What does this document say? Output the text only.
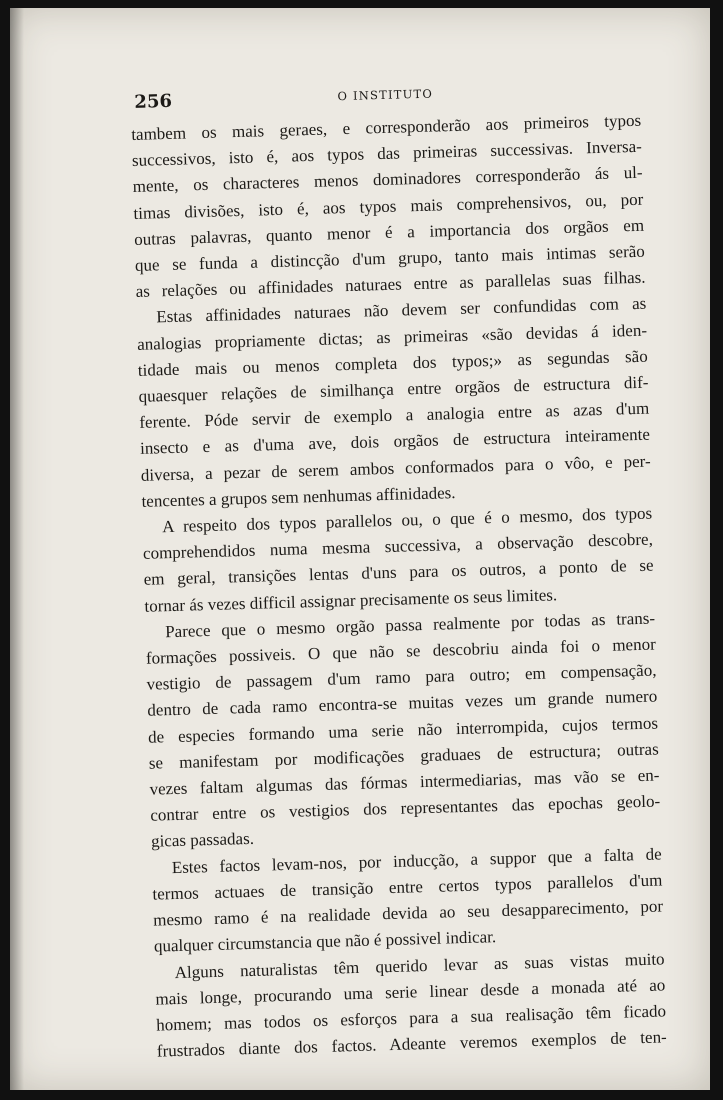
256	O INSTITUTO
tambem os mais geraes, e corresponderão aos primeiros typos
successivos, isto é, aos typos das primeiras successivas. Inversa-
mente, os characteres menos dominadores corresponderão ás ul-
timas divisões, isto é, aos typos mais comprehensivos, ou, por
outras palavras, quanto menor é a importancia dos orgãos em
que se funda a distincção d'um grupo, tanto mais intimas serão
as relações ou affinidades naturaes entre as parallelas suas filhas.
Estas affinidades naturaes não devem ser confundidas com as
analogias propriamente dictas; as primeiras «são devidas á iden-
tidade mais ou menos completa dos typos;» as segundas são
quaesquer relações de similhança entre orgãos de estructura dif-
ferente. Póde servir de exemplo a analogia entre as azas d'um
insecto e as d'uma ave, dois orgãos de estructura inteiramente
diversa, a pezar de serem ambos conformados para o vôo, e per-
tencentes a grupos sem nenhumas affinidades.
A respeito dos typos parallelos ou, o que é o mesmo, dos typos
comprehendidos numa mesma successiva, a observação descobre,
em geral, transições lentas d'uns para os outros, a ponto de se
tornar ás vezes difficil assignar precisamente os seus limites.
Parece que o mesmo orgão passa realmente por todas as trans-
formações possiveis. O que não se descobriu ainda foi o menor
vestigio de passagem d'um ramo para outro; em compensação,
dentro de cada ramo encontra-se muitas vezes um grande numero
de especies formando uma serie não interrompida, cujos termos
se manifestam por modificações graduaes de estructura; outras
vezes faltam algumas das fórmas intermediarias, mas vão se en-
contrar entre os vestigios dos representantes das epochas geolo-
gicas passadas.
Estes factos levam-nos, por inducção, a suppor que a falta de
termos actuaes de transição entre certos typos parallelos d'um
mesmo ramo é na realidade devida ao seu desapparecimento, por
qualquer circumstancia que não é possivel indicar.
Alguns naturalistas têm querido levar as suas vistas muito
mais longe, procurando uma serie linear desde a monada até ao
homem; mas todos os esforços para a sua realisação têm ficado
frustrados diante dos factos. Adeante veremos exemplos de ten-
